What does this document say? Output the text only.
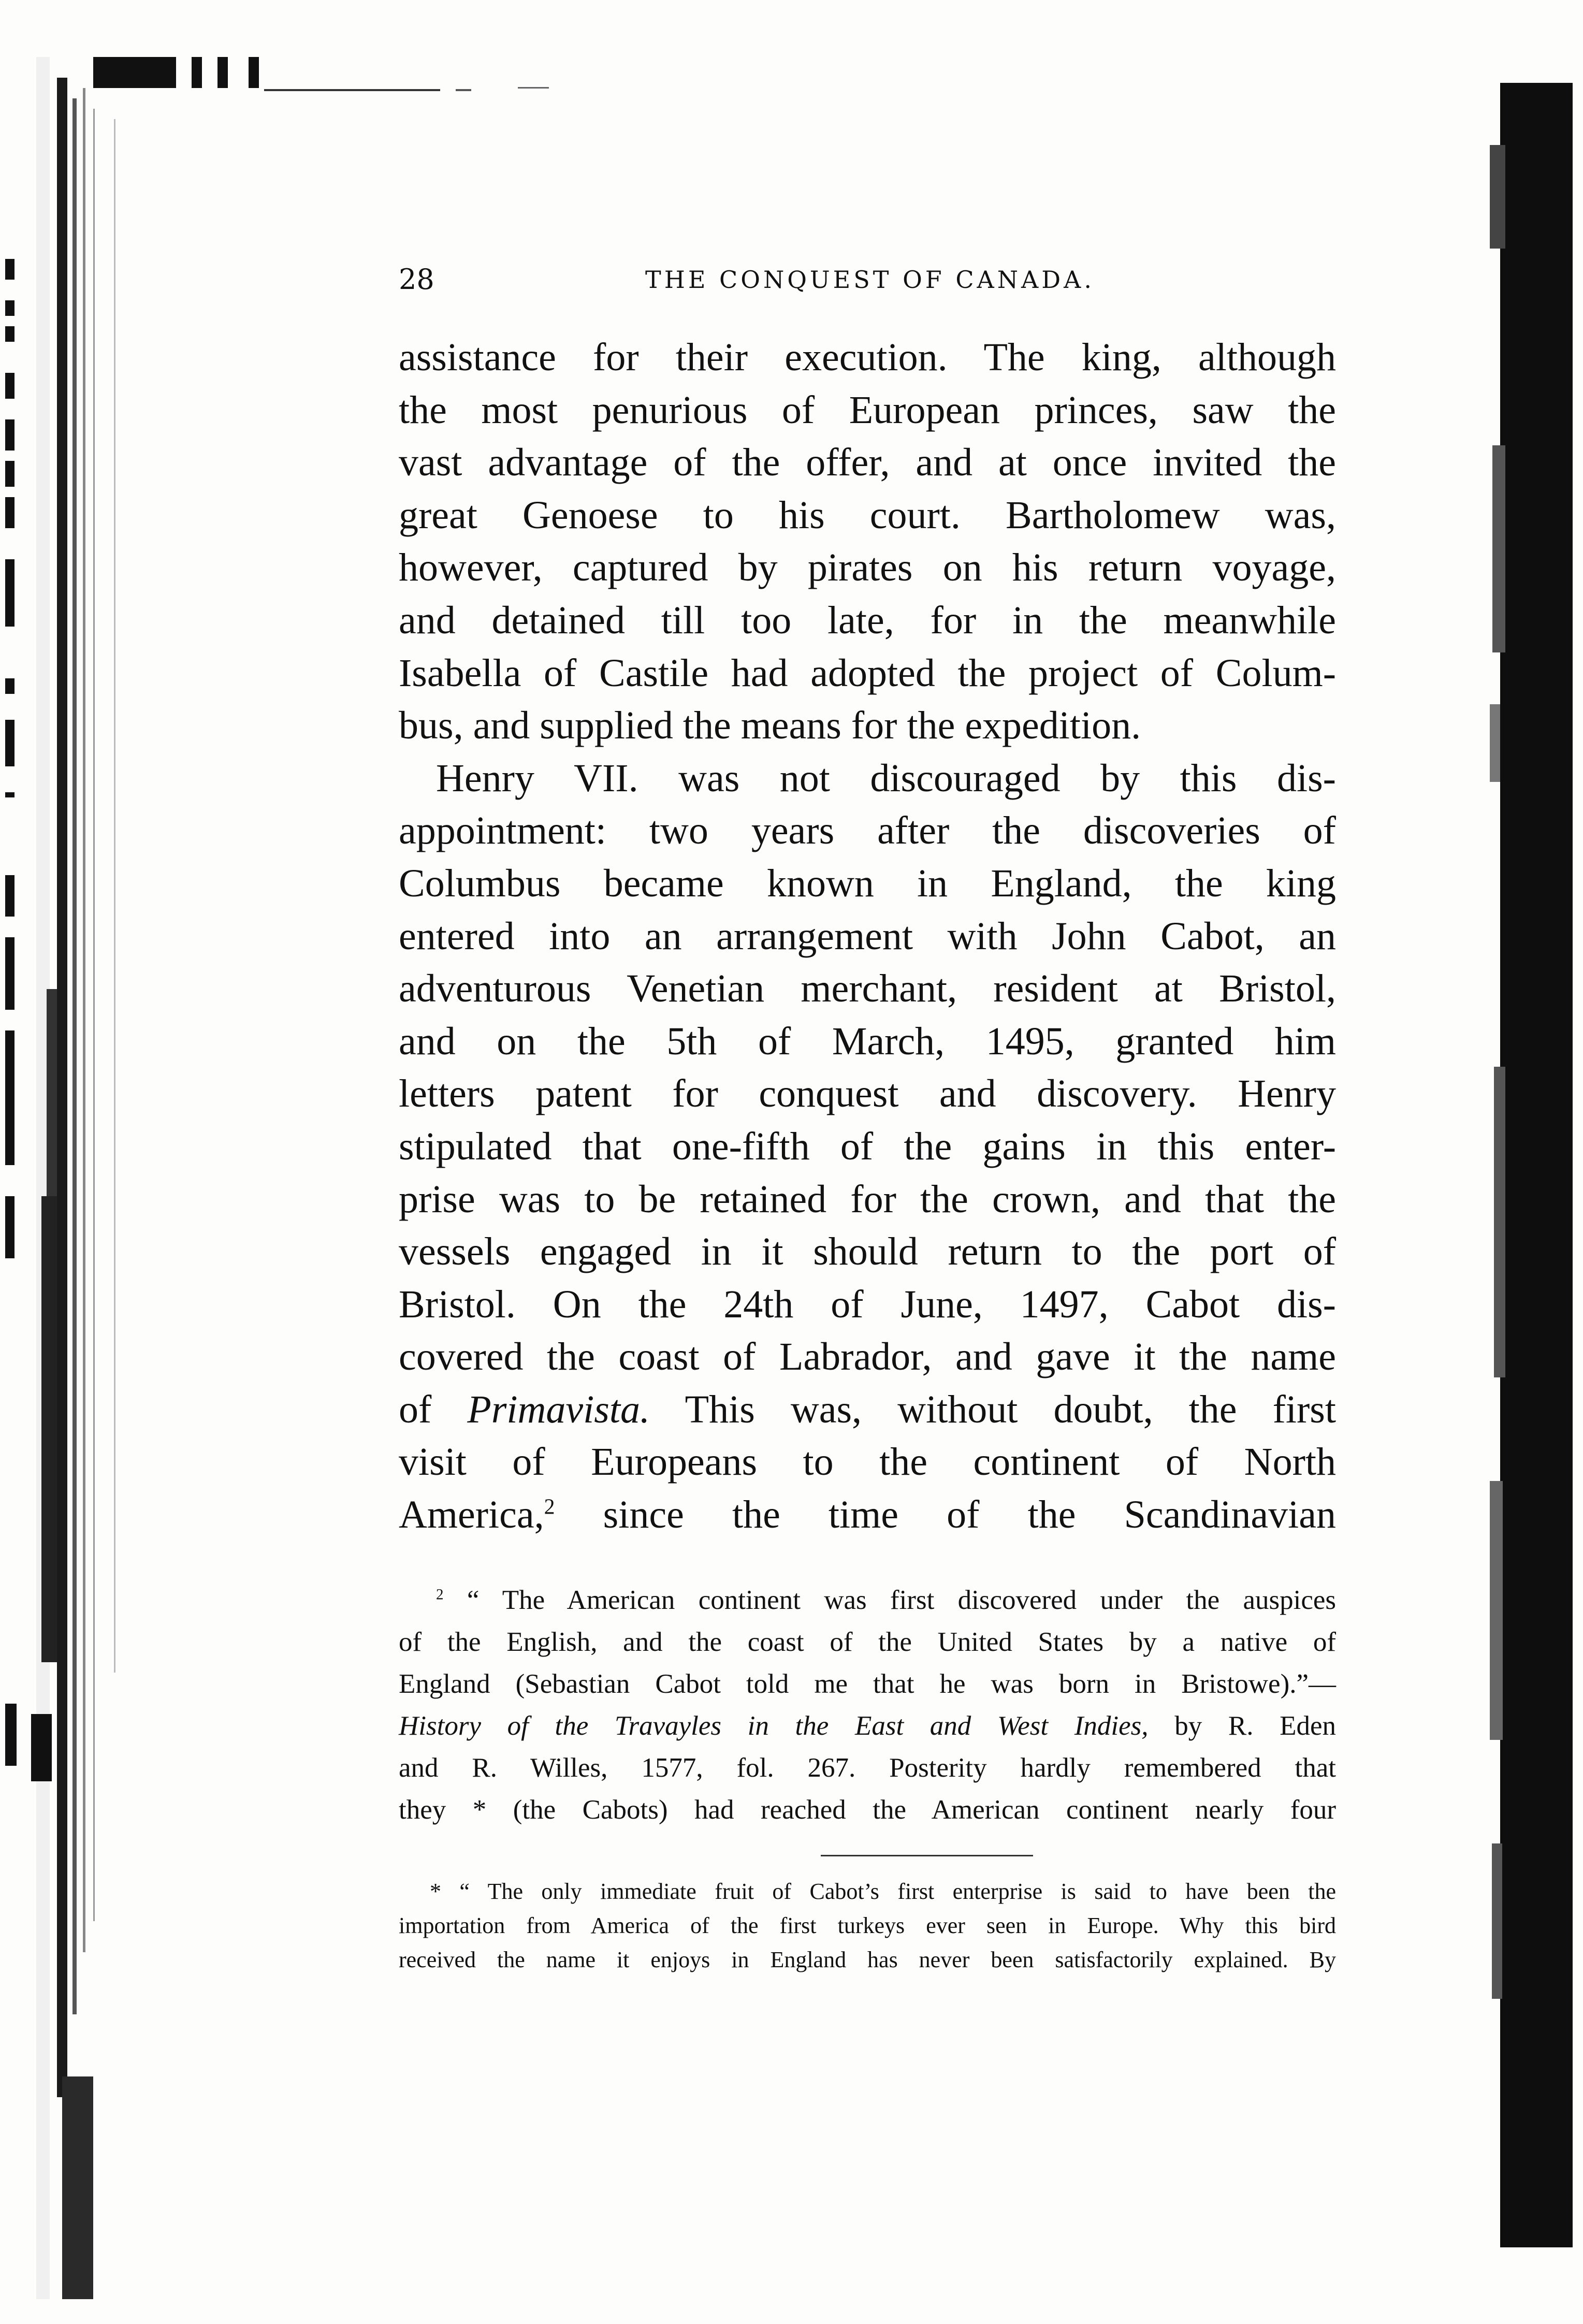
28	THE CONQUEST OF CANADA.
assistance for their execution. The king, although
the most penurious of European princes, saw the
vast advantage of the offer, and at once invited the
great Genoese to his court. Bartholomew was,
however, captured by pirates on his return voyage,
and detained till too late, for in the meanwhile
Isabella of Castile had adopted the project of Colum-
bus, and supplied the means for the expedition.
Henry VII. was not discouraged by this dis-
appointment: two years after the discoveries of
Columbus became known in England, the king
entered into an arrangement with John Cabot, an
adventurous Venetian merchant, resident at Bristol,
and on the 5th of March, 1495, granted him
letters patent for conquest and discovery. Henry
stipulated that one-fifth of the gains in this enter-
prise was to be retained for the crown, and that the
vessels engaged in it should return to the port of
Bristol. On the 24th of June, 1497, Cabot dis-
covered the coast of Labrador, and gave it the name
of Primavista. This was, without doubt, the first
visit of Europeans to the continent of North
America,$^2$ since the time of the Scandinavian
$^2$ “ The American continent was first discovered under the auspices
of the English, and the coast of the United States by a native of
England (Sebastian Cabot told me that he was born in Bristowe).”—
History of the Travayles in the East and West Indies, by R. Eden
and R. Willes, 1577, fol. 267. Posterity hardly remembered that
they * (the Cabots) had reached the American continent nearly four
* “ The only immediate fruit of Cabot’s first enterprise is said to have been the
importation from America of the first turkeys ever seen in Europe. Why this bird
received the name it enjoys in England has never been satisfactorily explained. By
